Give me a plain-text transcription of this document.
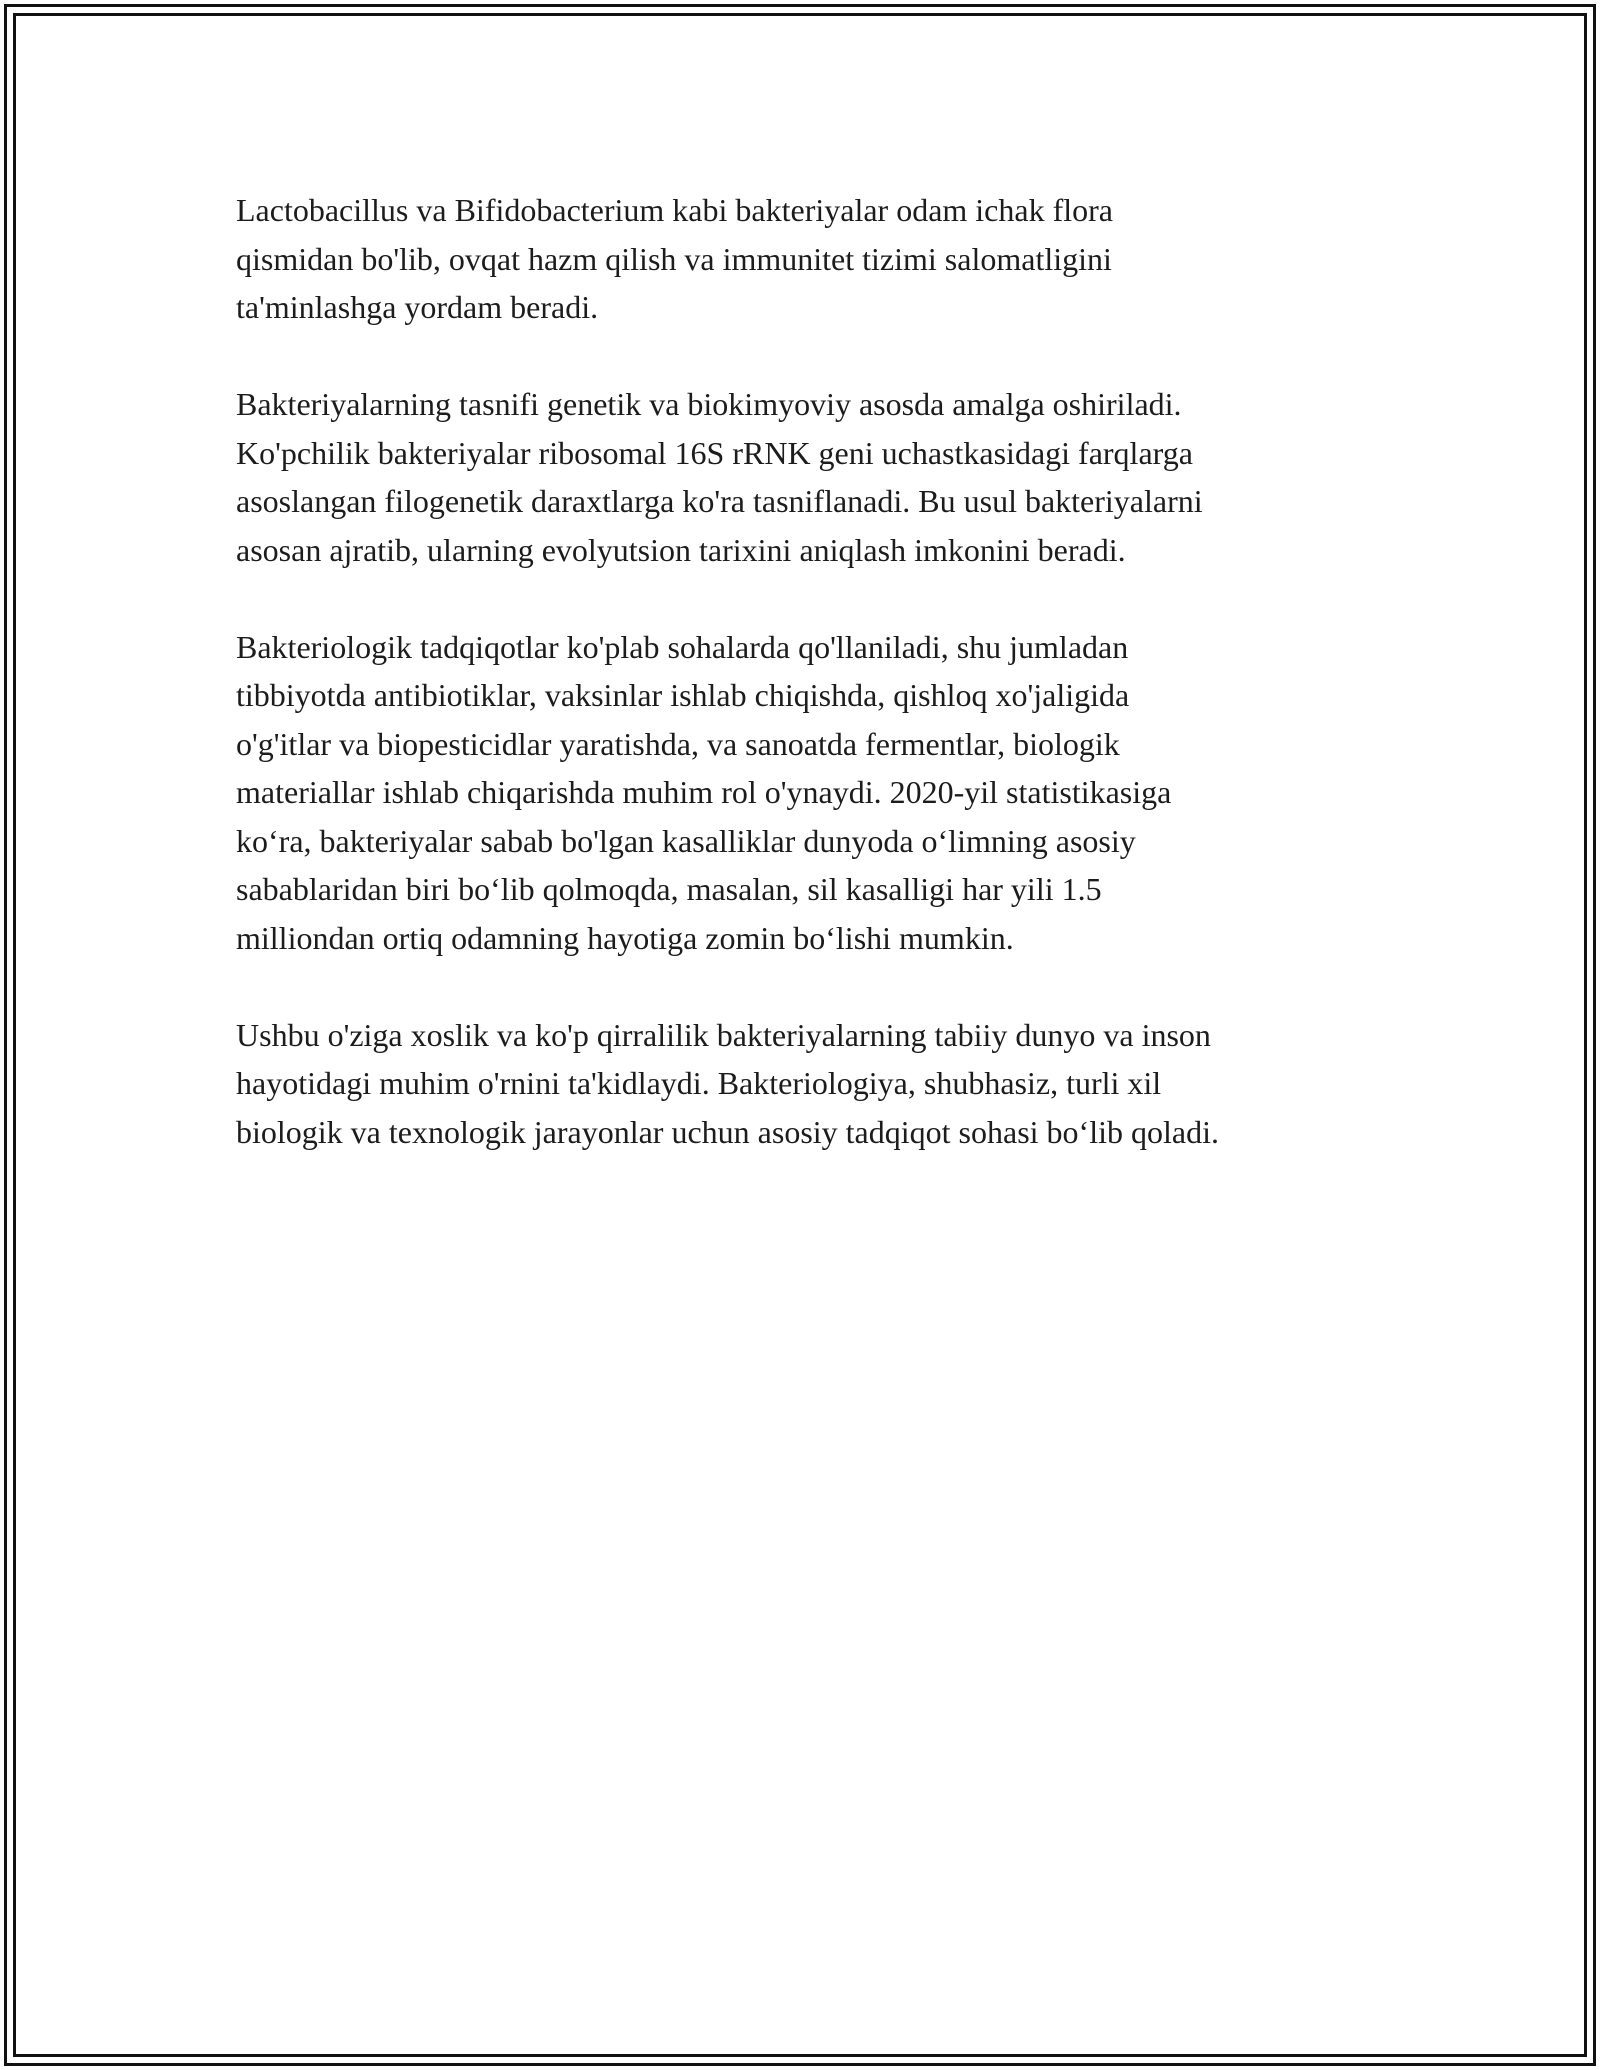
Lactobacillus va Bifidobacterium kabi bakteriyalar odam ichak flora
qismidan bo'lib, ovqat hazm qilish va immunitet tizimi salomatligini
ta'minlashga yordam beradi.

Bakteriyalarning tasnifi genetik va biokimyoviy asosda amalga oshiriladi.
Ko'pchilik bakteriyalar ribosomal 16S rRNK geni uchastkasidagi farqlarga
asoslangan filogenetik daraxtlarga ko'ra tasniflanadi. Bu usul bakteriyalarni
asosan ajratib, ularning evolyutsion tarixini aniqlash imkonini beradi.

Bakteriologik tadqiqotlar ko'plab sohalarda qo'llaniladi, shu jumladan
tibbiyotda antibiotiklar, vaksinlar ishlab chiqishda, qishloq xo'jaligida
o'g'itlar va biopesticidlar yaratishda, va sanoatda fermentlar, biologik
materiallar ishlab chiqarishda muhim rol o'ynaydi. 2020-yil statistikasiga
ko‘ra, bakteriyalar sabab bo'lgan kasalliklar dunyoda o‘limning asosiy
sabablaridan biri bo‘lib qolmoqda, masalan, sil kasalligi har yili 1.5
milliondan ortiq odamning hayotiga zomin bo‘lishi mumkin.

Ushbu o'ziga xoslik va ko'p qirralilik bakteriyalarning tabiiy dunyo va inson
hayotidagi muhim o'rnini ta'kidlaydi. Bakteriologiya, shubhasiz, turli xil
biologik va texnologik jarayonlar uchun asosiy tadqiqot sohasi bo‘lib qoladi.
